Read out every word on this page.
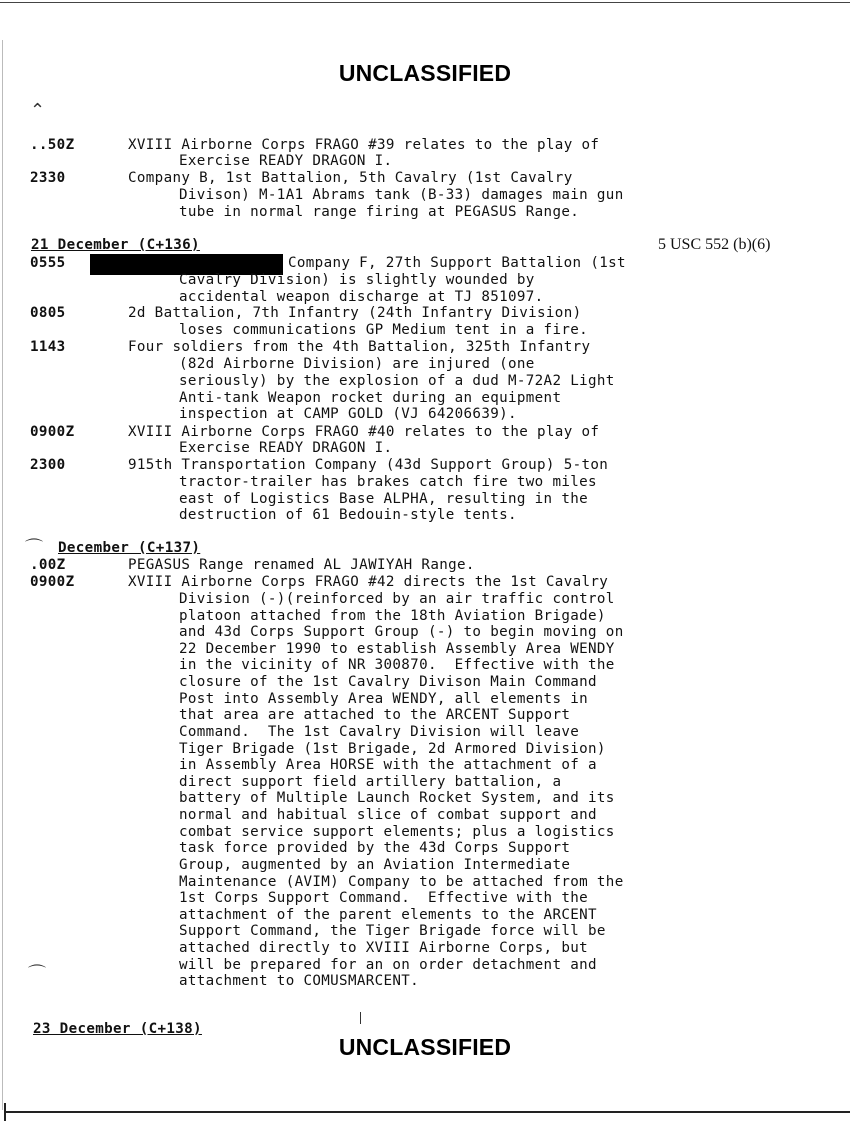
UNCLASSIFIED
⌃
⌒
⌒
..50Z	XVIII Airborne Corps FRAGO #39 relates to the play of
Exercise READY DRAGON I.
2330	Company B, 1st Battalion, 5th Cavalry (1st Cavalry
Divison) M-1A1 Abrams tank (B-33) damages main gun
tube in normal range firing at PEGASUS Range.
21 December (C+136)	5 USC 552 (b)(6)
0555	Company F, 27th Support Battalion (1st
Cavalry Division) is slightly wounded by
accidental weapon discharge at TJ 851097.
0805	2d Battalion, 7th Infantry (24th Infantry Division)
loses communications GP Medium tent in a fire.
1143	Four soldiers from the 4th Battalion, 325th Infantry
(82d Airborne Division) are injured (one
seriously) by the explosion of a dud M-72A2 Light
Anti-tank Weapon rocket during an equipment
inspection at CAMP GOLD (VJ 64206639).
0900Z	XVIII Airborne Corps FRAGO #40 relates to the play of
Exercise READY DRAGON I.
2300	915th Transportation Company (43d Support Group) 5-ton
tractor-trailer has brakes catch fire two miles
east of Logistics Base ALPHA, resulting in the
destruction of 61 Bedouin-style tents.
December (C+137)
.00Z	PEGASUS Range renamed AL JAWIYAH Range.
0900Z	XVIII Airborne Corps FRAGO #42 directs the 1st Cavalry
Division (-)(reinforced by an air traffic control
platoon attached from the 18th Aviation Brigade)
and 43d Corps Support Group (-) to begin moving on
22 December 1990 to establish Assembly Area WENDY
in the vicinity of NR 300870.  Effective with the
closure of the 1st Cavalry Divison Main Command
Post into Assembly Area WENDY, all elements in
that area are attached to the ARCENT Support
Command.  The 1st Cavalry Division will leave
Tiger Brigade (1st Brigade, 2d Armored Division)
in Assembly Area HORSE with the attachment of a
direct support field artillery battalion, a
battery of Multiple Launch Rocket System, and its
normal and habitual slice of combat support and
combat service support elements; plus a logistics
task force provided by the 43d Corps Support
Group, augmented by an Aviation Intermediate
Maintenance (AVIM) Company to be attached from the
1st Corps Support Command.  Effective with the
attachment of the parent elements to the ARCENT
Support Command, the Tiger Brigade force will be
attached directly to XVIII Airborne Corps, but
will be prepared for an on order detachment and
attachment to COMUSMARCENT.
23 December (C+138)
UNCLASSIFIED
